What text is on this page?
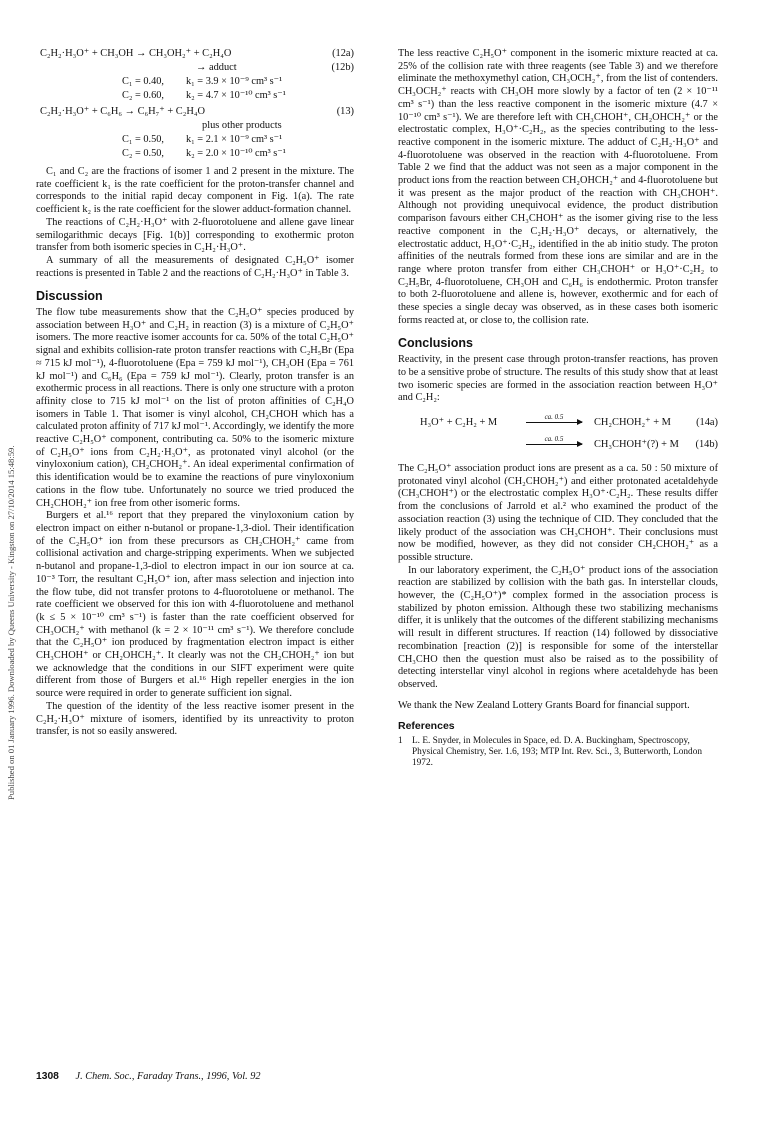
Published on 01 January 1996. Downloaded by Queens University - Kingston on 27/10/2014 15:48:59.
C₂H₂·H₃O⁺ + CH₃OH → CH₃OH₂⁺ + C₂H₄O	(12a)
→ adduct	(12b)
C₁ = 0.40, k₁ = 3.9 × 10⁻⁹ cm³ s⁻¹
C₂ = 0.60, k₂ = 4.7 × 10⁻¹⁰ cm³ s⁻¹
C₂H₂·H₃O⁺ + C₆H₆ → C₆H₇⁺ + C₂H₄O	(13)
plus other products
C₁ = 0.50, k₁ = 2.1 × 10⁻⁹ cm³ s⁻¹
C₂ = 0.50, k₂ = 2.0 × 10⁻¹⁰ cm³ s⁻¹

C₁ and C₂ are the fractions of isomer 1 and 2 present in the mixture. The rate coefficient k₁ is the rate coefficient for the proton-transfer channel and corresponds to the initial rapid decay component in Fig. 1(a). The rate coefficient k₂ is the rate coefficient for the slower adduct-formation channel.

The reactions of C₂H₂·H₃O⁺ with 2-fluorotoluene and allene gave linear semilogarithmic decays [Fig. 1(b)] corresponding to exothermic proton transfer from both isomeric species in C₂H₂·H₃O⁺.

A summary of all the measurements of designated C₂H₅O⁺ isomer reactions is presented in Table 2 and the reactions of C₂H₂·H₃O⁺ in Table 3.

Discussion

The flow tube measurements show that the C₂H₅O⁺ species produced by association between H₃O⁺ and C₂H₂ in reaction (3) is a mixture of C₂H₅O⁺ isomers. The more reactive isomer accounts for ca. 50% of the total C₂H₅O⁺ signal and exhibits collision-rate proton transfer reactions with C₂H₅Br (Epa ≈ 715 kJ mol⁻¹), 4-fluorotoluene (Epa = 759 kJ mol⁻¹), CH₃OH (Epa = 761 kJ mol⁻¹) and C₆H₆ (Epa = 759 kJ mol⁻¹). Clearly, proton transfer is an exothermic process in all reactions. There is only one structure with a proton affinity close to 715 kJ mol⁻¹ on the list of proton affinities of C₂H₄O isomers in Table 1. That isomer is vinyl alcohol, CH₂CHOH which has a calculated proton affinity of 717 kJ mol⁻¹. Accordingly, we identify the more reactive C₂H₅O⁺ component, contributing ca. 50% to the isomeric mixture of C₂H₅O⁺ ions from C₂H₂·H₃O⁺, as protonated vinyl alcohol (or the vinyloxonium cation), CH₂CHOH₂⁺. An ideal experimental confirmation of this identification would be to examine the reactions of pure vinyloxonium cations in the flow tube. Unfortunately no source we tried produced the CH₂CHOH₂⁺ ion free from other isomeric forms.

Burgers et al.¹⁶ report that they prepared the vinyloxonium cation by electron impact on either n-butanol or propane-1,3-diol. Their identification of the C₂H₅O⁺ ion from these precursors as CH₂CHOH₂⁺ came from collisional activation and charge-stripping experiments. When we subjected n-butanol and propane-1,3-diol to electron impact in our ion source at ca. 10⁻³ Torr, the resultant C₂H₅O⁺ ion, after mass selection and injection into the flow tube, did not transfer protons to 4-fluorotoluene or methanol. The rate coefficient we observed for this ion with 4-fluorotoluene and methanol (k ≤ 5 × 10⁻¹⁰ cm³ s⁻¹) is faster than the rate coefficient observed for CH₃OCH₂⁺ with methanol (k = 2 × 10⁻¹¹ cm³ s⁻¹). We therefore conclude that the C₂H₅O⁺ ion produced by fragmentation electron impact is either CH₃CHOH⁺ or CH₂OHCH₂⁺. It clearly was not the CH₂CHOH₂⁺ ion but we acknowledge that the conditions in our SIFT experiment were quite different from those of Burgers et al.¹⁶ High repeller energies in the ion source were required in order to generate sufficient ion signal.

The question of the identity of the less reactive isomer present in the C₂H₂·H₃O⁺ mixture of isomers, identified by its unreactivity to proton transfer, is not so easily answered.

The less reactive C₂H₅O⁺ component in the isomeric mixture reacted at ca. 25% of the collision rate with three reagents (see Table 3) and we therefore eliminate the methoxymethyl cation, CH₃OCH₂⁺, from the list of contenders. CH₃OCH₂⁺ reacts with CH₃OH more slowly by a factor of ten (2 × 10⁻¹¹ cm³ s⁻¹) than the less reactive component in the isomeric mixture (4.7 × 10⁻¹⁰ cm³ s⁻¹). We are therefore left with CH₃CHOH⁺, CH₂OHCH₂⁺ or the electrostatic complex, H₃O⁺·C₂H₂, as the species contributing to the less-reactive component in the isomeric mixture. The adduct of C₂H₂·H₃O⁺ and 4-fluorotoluene was observed in the reaction with 4-fluorotoluene. From Table 2 we find that the adduct was not seen as a major component in the product ions from the reaction between CH₂OHCH₂⁺ and 4-fluorotoluene but it was present as the major product of the reaction with CH₃CHOH⁺. Although not providing unequivocal evidence, the product distribution comparison favours either CH₃CHOH⁺ as the isomer giving rise to the less reactive component in the C₂H₂·H₃O⁺ decays, or alternatively, the electrostatic adduct, H₃O⁺·C₂H₂, identified in the ab initio study. The proton affinities of the neutrals formed from these ions are similar and are in the range where proton transfer from either CH₃CHOH⁺ or H₃O⁺·C₂H₂ to C₂H₅Br, 4-fluorotoluene, CH₃OH and C₆H₆ is endothermic. Proton transfer to both 2-fluorotoluene and allene is, however, exothermic and for each of these species a single decay was observed, as in these cases both isomeric forms reacted at, or close to, the collision rate.

Conclusions

Reactivity, in the present case through proton-transfer reactions, has proven to be a sensitive probe of structure. The results of this study show that at least two isomeric species are formed in the association reaction between H₃O⁺ and C₂H₂:

H₃O⁺ + C₂H₂ + M	ca. 0.5	CH₂CHOH₂⁺ + M (14a)
ca. 0.5	CH₃CHOH⁺(?) + M (14b)

The C₂H₅O⁺ association product ions are present as a ca. 50 : 50 mixture of protonated vinyl alcohol (CH₂CHOH₂⁺) and either protonated acetaldehyde (CH₃CHOH⁺) or the electrostatic complex H₃O⁺·C₂H₂. These results differ from the conclusions of Jarrold et al.² who examined the product of the association reaction (3) using the technique of CID. They concluded that the likely product of the association was CH₃CHOH⁺. Their conclusions must now be modified, however, as they did not consider CH₂CHOH₂⁺ as a possible structure.

In our laboratory experiment, the C₂H₅O⁺ product ions of the association reaction are stabilized by collision with the bath gas. In interstellar clouds, however, the (C₂H₅O⁺)* complex formed in the association process is stabilized by photon emission. Although these two stabilizing mechanisms differ, it is unlikely that the outcomes of the different stabilizing mechanisms will result in different structures. If reaction (14) followed by dissociative recombination [reaction (2)] is responsible for some of the interstellar CH₃CHO then the question must also be raised as to the possibility of detecting interstellar vinyl alcohol in regions where acetaldehyde has been observed.

We thank the New Zealand Lottery Grants Board for financial support.

References
1	L. E. Snyder, in Molecules in Space, ed. D. A. Buckingham, Spectroscopy, Physical Chemistry, Ser. 1.6, 193; MTP Int. Rev. Sci., 3, Butterworth, London 1972.
1308 J. Chem. Soc., Faraday Trans., 1996, Vol. 92
